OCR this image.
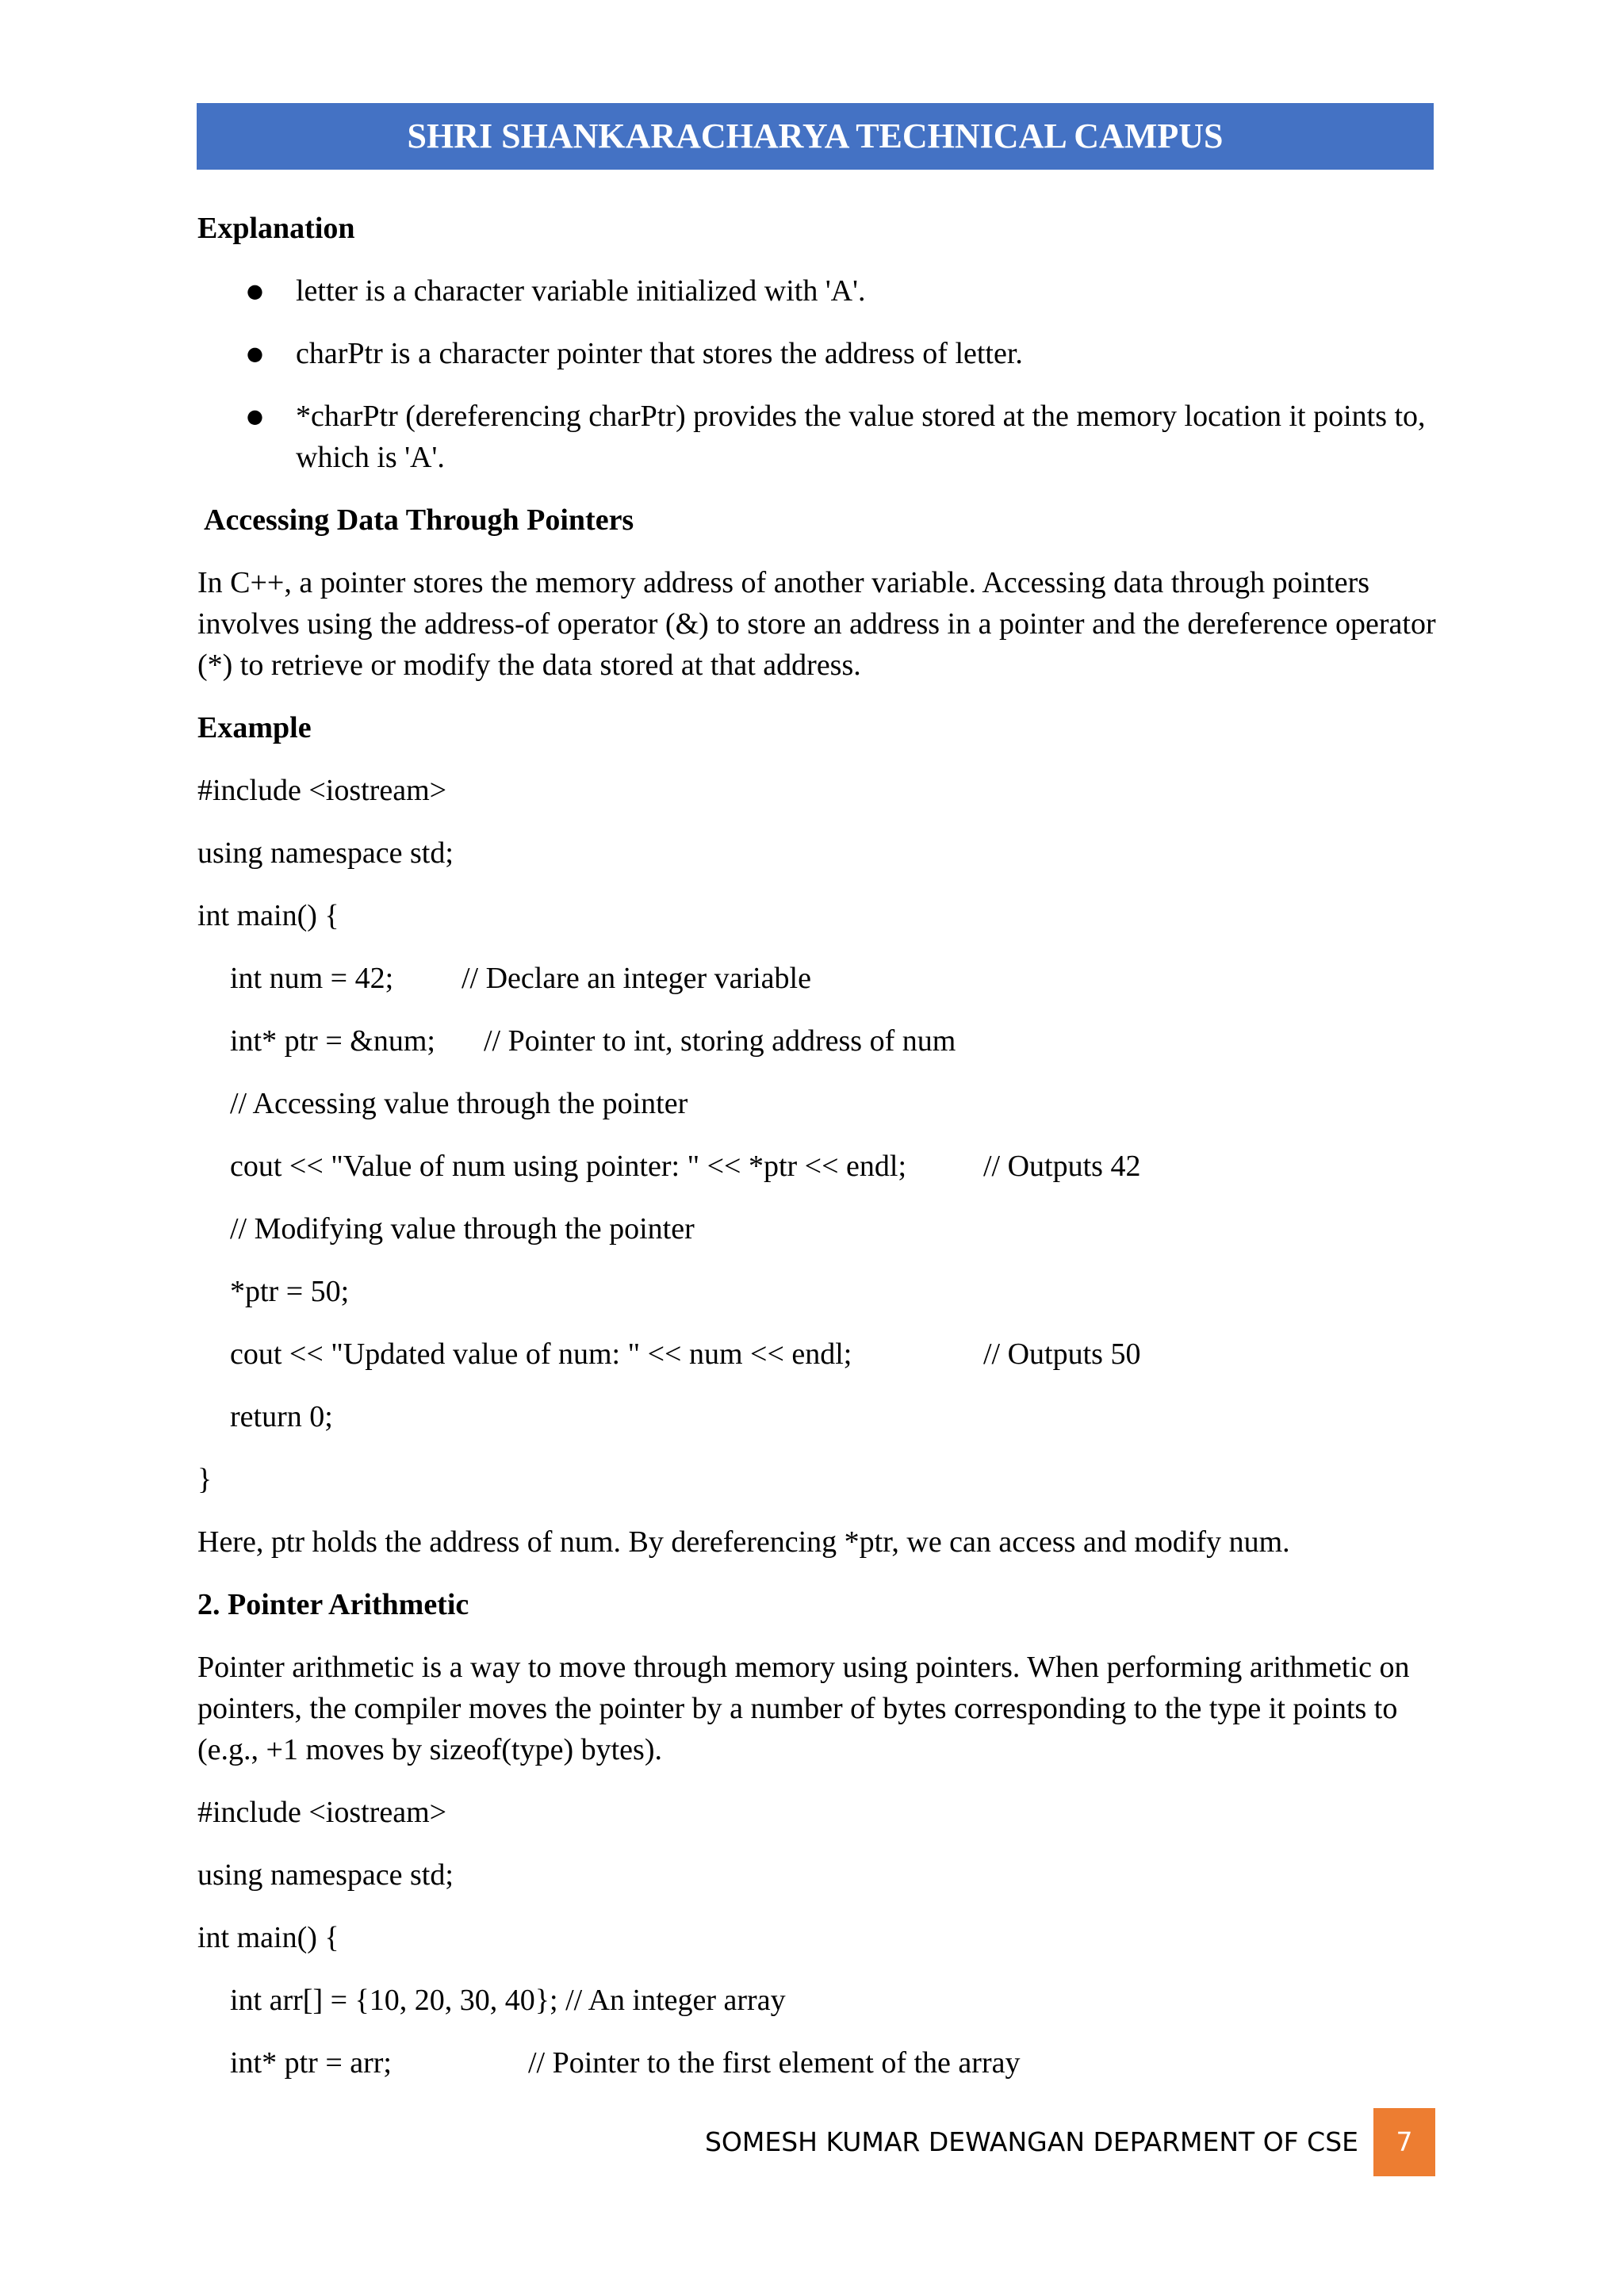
SHRI SHANKARACHARYA TECHNICAL CAMPUS

Explanation

● letter is a character variable initialized with 'A'.
● charPtr is a character pointer that stores the address of letter.
● *charPtr (dereferencing charPtr) provides the value stored at the memory location it points to, which is 'A'.

Accessing Data Through Pointers

In C++, a pointer stores the memory address of another variable. Accessing data through pointers involves using the address-of operator (&) to store an address in a pointer and the dereference operator (*) to retrieve or modify the data stored at that address.

Example

#include <iostream>
using namespace std;
int main() {
int num = 42; // Declare an integer variable
int* ptr = &num; // Pointer to int, storing address of num
// Accessing value through the pointer
cout << "Value of num using pointer: " << *ptr << endl;	// Outputs 42
// Modifying value through the pointer
*ptr = 50;
cout << "Updated value of num: " << num << endl;	// Outputs 50
return 0;
}

Here, ptr holds the address of num. By dereferencing *ptr, we can access and modify num.

2. Pointer Arithmetic

Pointer arithmetic is a way to move through memory using pointers. When performing arithmetic on pointers, the compiler moves the pointer by a number of bytes corresponding to the type it points to (e.g., +1 moves by sizeof(type) bytes).

#include <iostream>
using namespace std;
int main() {
int arr[] = {10, 20, 30, 40}; // An integer array
int* ptr = arr;	// Pointer to the first element of the array
SOMESH KUMAR DEWANGAN DEPARMENT OF CSE	7
